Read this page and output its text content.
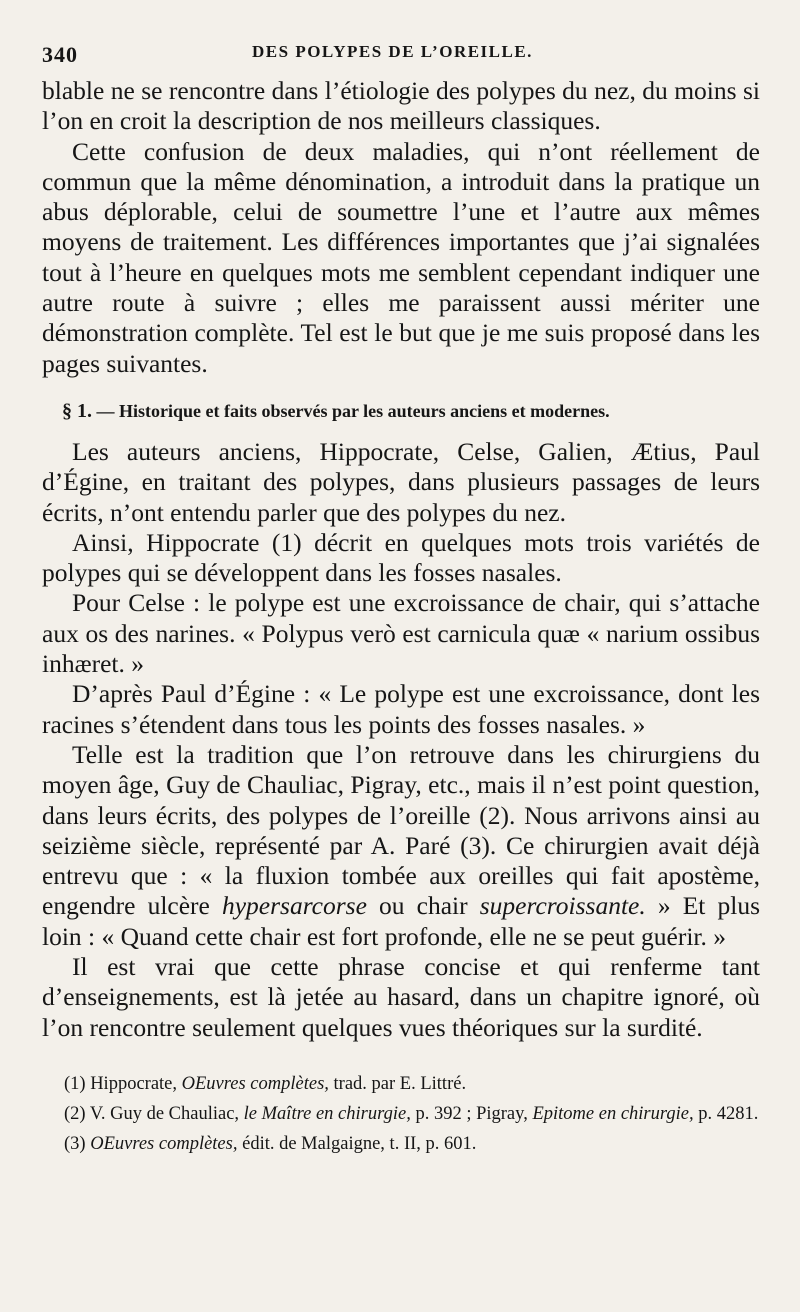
340	DES POLYPES DE L’OREILLE.

blable ne se rencontre dans l’étiologie des polypes du nez, du moins si l’on en croit la description de nos meilleurs classiques.

Cette confusion de deux maladies, qui n’ont réellement de commun que la même dénomination, a introduit dans la pratique un abus déplorable, celui de soumettre l’une et l’autre aux mêmes moyens de traitement. Les différences importantes que j’ai signalées tout à l’heure en quelques mots me semblent cependant indiquer une autre route à suivre ; elles me paraissent aussi mériter une démonstration complète. Tel est le but que je me suis proposé dans les pages suivantes.

§ 1. — Historique et faits observés par les auteurs anciens et modernes.

Les auteurs anciens, Hippocrate, Celse, Galien, Ætius, Paul d’Égine, en traitant des polypes, dans plusieurs passages de leurs écrits, n’ont entendu parler que des polypes du nez.

Ainsi, Hippocrate (1) décrit en quelques mots trois variétés de polypes qui se développent dans les fosses nasales.

Pour Celse : le polype est une excroissance de chair, qui s’attache aux os des narines. « Polypus verò est carnicula quæ « narium ossibus inhæret. »

D’après Paul d’Égine : « Le polype est une excroissance, dont les racines s’étendent dans tous les points des fosses nasales. »

Telle est la tradition que l’on retrouve dans les chirurgiens du moyen âge, Guy de Chauliac, Pigray, etc., mais il n’est point question, dans leurs écrits, des polypes de l’oreille (2). Nous arrivons ainsi au seizième siècle, représenté par A. Paré (3). Ce chirurgien avait déjà entrevu que : « la fluxion tombée aux oreilles qui fait apostème, engendre ulcère hypersarcorse ou chair supercroissante. » Et plus loin : « Quand cette chair est fort profonde, elle ne se peut guérir. »

Il est vrai que cette phrase concise et qui renferme tant d’enseignements, est là jetée au hasard, dans un chapitre ignoré, où l’on rencontre seulement quelques vues théoriques sur la surdité.

(1) Hippocrate, OEuvres complètes, trad. par E. Littré.

(2) V. Guy de Chauliac, le Maître en chirurgie, p. 392 ; Pigray, Epitome en chirurgie, p. 4281.

(3) OEuvres complètes, édit. de Malgaigne, t. II, p. 601.
